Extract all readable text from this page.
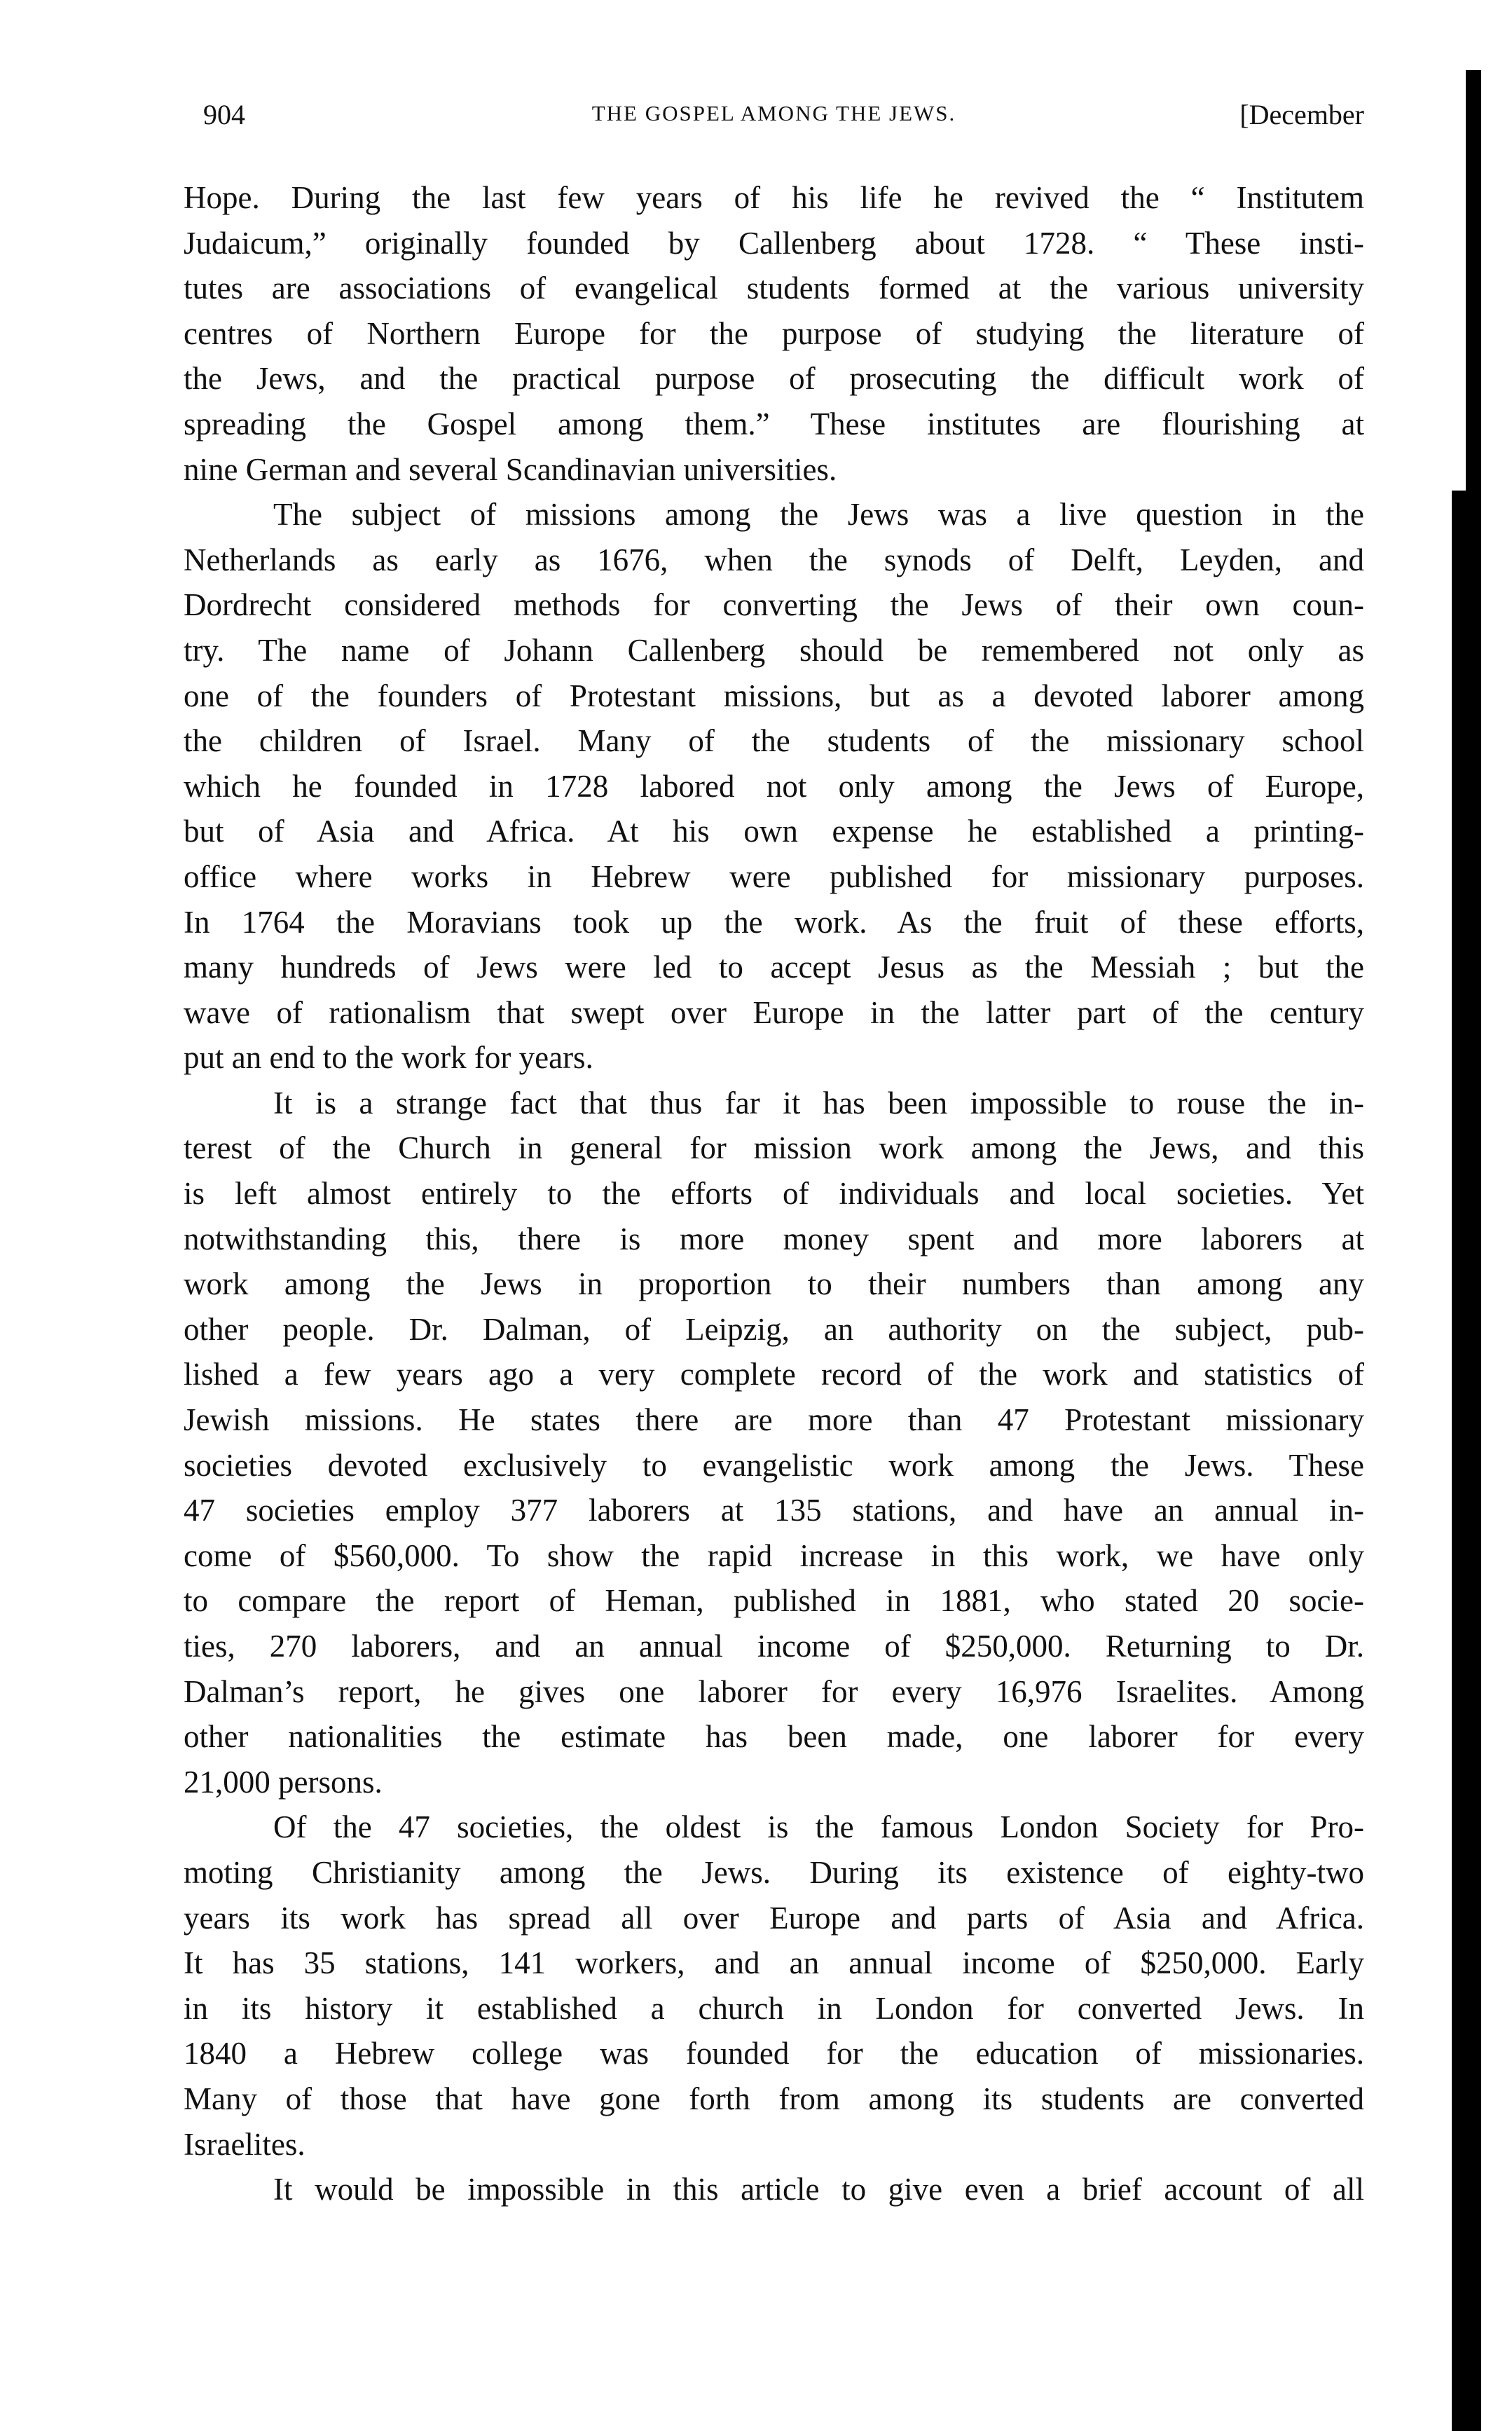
904	THE GOSPEL AMONG THE JEWS.	[December
Hope. During the last few years of his life he revived the “ Institutem
Judaicum,” originally founded by Callenberg about 1728. “ These insti-
tutes are associations of evangelical students formed at the various university
centres of Northern Europe for the purpose of studying the literature of
the Jews, and the practical purpose of prosecuting the difficult work of
spreading the Gospel among them.” These institutes are flourishing at
nine German and several Scandinavian universities.
The subject of missions among the Jews was a live question in the
Netherlands as early as 1676, when the synods of Delft, Leyden, and
Dordrecht considered methods for converting the Jews of their own coun-
try. The name of Johann Callenberg should be remembered not only as
one of the founders of Protestant missions, but as a devoted laborer among
the children of Israel. Many of the students of the missionary school
which he founded in 1728 labored not only among the Jews of Europe,
but of Asia and Africa. At his own expense he established a printing-
office where works in Hebrew were published for missionary purposes.
In 1764 the Moravians took up the work. As the fruit of these efforts,
many hundreds of Jews were led to accept Jesus as the Messiah ; but the
wave of rationalism that swept over Europe in the latter part of the century
put an end to the work for years.
It is a strange fact that thus far it has been impossible to rouse the in-
terest of the Church in general for mission work among the Jews, and this
is left almost entirely to the efforts of individuals and local societies. Yet
notwithstanding this, there is more money spent and more laborers at
work among the Jews in proportion to their numbers than among any
other people. Dr. Dalman, of Leipzig, an authority on the subject, pub-
lished a few years ago a very complete record of the work and statistics of
Jewish missions. He states there are more than 47 Protestant missionary
societies devoted exclusively to evangelistic work among the Jews. These
47 societies employ 377 laborers at 135 stations, and have an annual in-
come of $560,000. To show the rapid increase in this work, we have only
to compare the report of Heman, published in 1881, who stated 20 socie-
ties, 270 laborers, and an annual income of $250,000. Returning to Dr.
Dalman’s report, he gives one laborer for every 16,976 Israelites. Among
other nationalities the estimate has been made, one laborer for every
21,000 persons.
Of the 47 societies, the oldest is the famous London Society for Pro-
moting Christianity among the Jews. During its existence of eighty-two
years its work has spread all over Europe and parts of Asia and Africa.
It has 35 stations, 141 workers, and an annual income of $250,000. Early
in its history it established a church in London for converted Jews. In
1840 a Hebrew college was founded for the education of missionaries.
Many of those that have gone forth from among its students are converted
Israelites.
It would be impossible in this article to give even a brief account of all
